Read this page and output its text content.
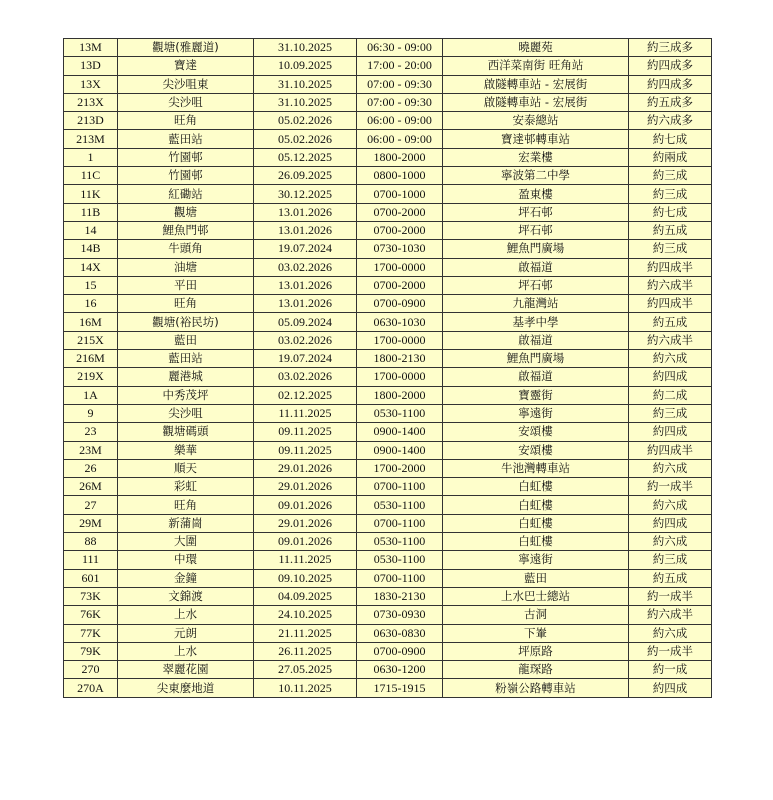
13M	觀塘(雅麗道)	31.10.2025	06:30 - 09:00	曉麗苑	約三成多
13D	寶達	10.09.2025	17:00 - 20:00	西洋菜南街 旺角站	約四成多
13X	尖沙咀東	31.10.2025	07:00 - 09:30	啟隧轉車站 - 宏展街	約四成多
213X	尖沙咀	31.10.2025	07:00 - 09:30	啟隧轉車站 - 宏展街	約五成多
213D	旺角	05.02.2026	06:00 - 09:00	安泰總站	約六成多
213M	藍田站	05.02.2026	06:00 - 09:00	寶達邨轉車站	約七成
1	竹園邨	05.12.2025	1800-2000	宏業樓	約兩成
11C	竹園邨	26.09.2025	0800-1000	寧波第二中學	約三成
11K	紅磡站	30.12.2025	0700-1000	盈東樓	約三成
11B	觀塘	13.01.2026	0700-2000	坪石邨	約七成
14	鯉魚門邨	13.01.2026	0700-2000	坪石邨	約五成
14B	牛頭角	19.07.2024	0730-1030	鯉魚門廣場	約三成
14X	油塘	03.02.2026	1700-0000	啟福道	約四成半
15	平田	13.01.2026	0700-2000	坪石邨	約六成半
16	旺角	13.01.2026	0700-0900	九龍灣站	約四成半
16M	觀塘(裕民坊)	05.09.2024	0630-1030	基孝中學	約五成
215X	藍田	03.02.2026	1700-0000	啟福道	約六成半
216M	藍田站	19.07.2024	1800-2130	鯉魚門廣場	約六成
219X	麗港城	03.02.2026	1700-0000	啟福道	約四成
1A	中秀茂坪	02.12.2025	1800-2000	寶靈街	約二成
9	尖沙咀	11.11.2025	0530-1100	寧遠街	約三成
23	觀塘碼頭	09.11.2025	0900-1400	安頌樓	約四成
23M	樂華	09.11.2025	0900-1400	安頌樓	約四成半
26	順天	29.01.2026	1700-2000	牛池灣轉車站	約六成
26M	彩虹	29.01.2026	0700-1100	白虹樓	約一成半
27	旺角	09.01.2026	0530-1100	白虹樓	約六成
29M	新蒲崗	29.01.2026	0700-1100	白虹樓	約四成
88	大圍	09.01.2026	0530-1100	白虹樓	約六成
111	中環	11.11.2025	0530-1100	寧遠街	約三成
601	金鐘	09.10.2025	0700-1100	藍田	約五成
73K	文錦渡	04.09.2025	1830-2130	上水巴士總站	約一成半
76K	上水	24.10.2025	0730-0930	古洞	約六成半
77K	元朗	21.11.2025	0630-0830	下輋	約六成
79K	上水	26.11.2025	0700-0900	坪原路	約一成半
270	翠麗花園	27.05.2025	0630-1200	龍琛路	約一成
270A	尖東麼地道	10.11.2025	1715-1915	粉嶺公路轉車站	約四成
